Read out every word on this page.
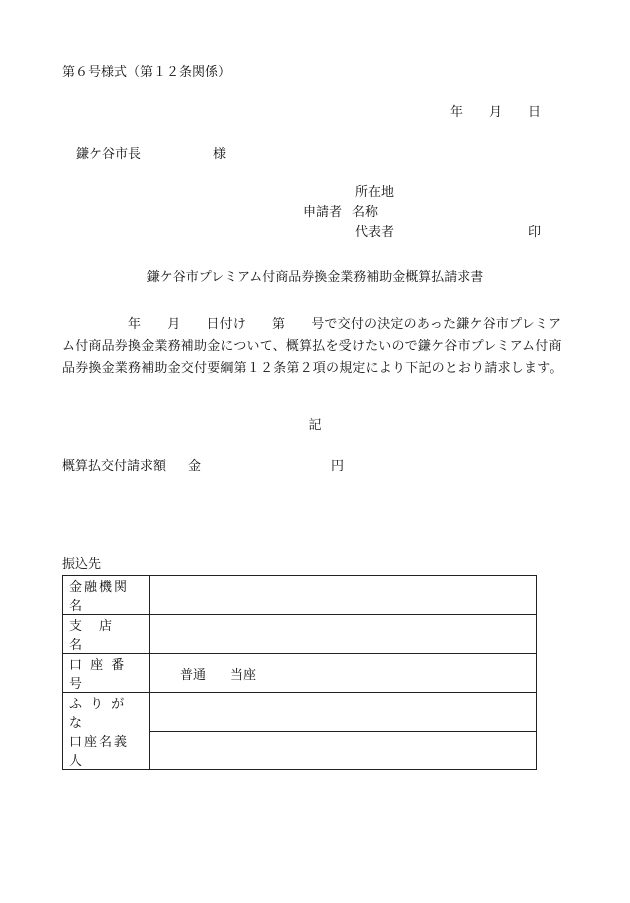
第６号様式（第１２条関係）
年 月 日
鎌ケ谷市長	様
所在地
申請者 名称
代表者	印
鎌ケ谷市プレミアム付商品券換金業務補助金概算払請求書
年 月 日付け 第 号で交付の決定のあった鎌ケ谷市プレミアム付商品券換金業務補助金について、概算払を受けたいので鎌ケ谷市プレミアム付商品券換金業務補助金交付要綱第１２条第２項の規定により下記のとおり請求します。
記
概算払交付請求額 金	円
振込先
金融機関名	
支　店　名	
口 座 番 号	普通 当座
ふ り が な	
口座名義人	
